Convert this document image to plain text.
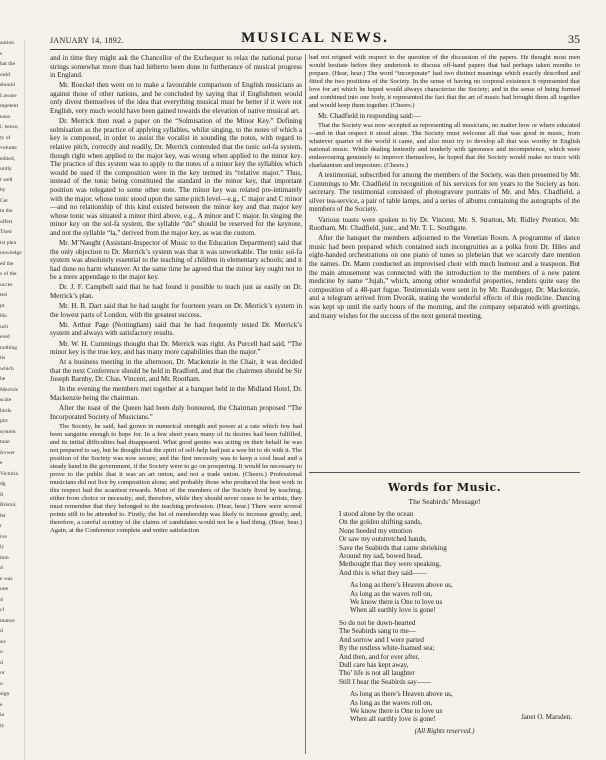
aution
s
hat the
ould
should
I aware
mpetent
eaux
i; hence,
ty of
volume
edited,
urdly
t well
by
Cer
to the
offert
Their
ist plea
nowledge
ed the
s of the
ucces
ted
pt
Ho
uch
ered
nothing
lis
which
be
Merrick
scale
hirds
pitc
system
tune
Irvwer
e
Victoria
dg
Ii
Bristol,
ler
r
ive
ly
tion
d
e was
one
d
cl
mance
d
sic
o
d
or
o
sign
e
in
ty
JANUARY 14, 1892.	MUSICAL NEWS.	35

and in time they might ask the Chancellor of the Exchequer to relax the national purse strings somewhat more than had hitherto been done in furtherance of musical progress in England.

Mr. Roeckel then went on to make a favourable comparison of English musicians as against those of other nations, and he concluded by saying that if Englishmen would only divest themselves of the idea that everything musical must be better if it were not English, very much would have been gained towards the elevation of native musical art.

Dr. Merrick then read a paper on the “Solmisation of the Minor Key.” Defining solmisation as the practice of applying syllables, whilst singing, to the notes of which a key is composed, in order to assist the vocalist in sounding the notes, with regard to relative pitch, correctly and readily, Dr. Merrick contended that the tonic sol-fa system, though right when applied to the major key, was wrong when applied to the minor key. The practice of this system was to apply to the notes of a minor key the syllables which would be used if the composition were in the key termed its “relative major.” Thus, instead of the tonic being constituted the standard in the minor key, that important position was relegated to some other note. The minor key was related pre-intimately with the major, whose tonic stood upon the same pitch level—e.g., C major and C minor—and no relationship of this kind existed between the minor key and that major key whose tonic was situated a minor third above, e.g., A minor and C major. In singing the minor key on the sol-fa system, the syllable “do” should be reserved for the keynote, and not the syllable “la,” derived from the major key, as was the custom.

Mr. M’Naught (Assistant-Inspector of Music to the Education Department) said that the only objection to Dr. Merrick’s system was that it was unworkable. The tonic sol-fa system was absolutely essential to the teaching of children in elementary schools; and it had done no harm whatever. At the same time he agreed that the minor key ought not to be a mere appendage to the major key.

Dr. J. F. Campbell said that he had found it possible to teach just as easily on Dr. Merrick’s plan.

Mr. H. B. Dart said that he had taught for fourteen years on Dr. Merrick’s system in the lowest parts of London, with the greatest success.

Mr. Arthur Page (Nottingham) said that he had frequently tested Dr. Merrick’s system and always with satisfactory results.

Mr. W. H. Cummings thought that Dr. Merrick was right. As Purcell had said, “The minor key is the true key, and has many more capabilities than the major.”

At a business meeting in the afternoon, Dr. Mackenzie in the Chair, it was decided that the next Conference should be held in Bradford, and that the chairmen should be Sir Joseph Barnby, Dr. Chas. Vincent, and Mr. Rootham.

In the evening the members met together at a banquet held in the Midland Hotel, Dr. Mackenzie being the chairman.

After the toast of the Queen had been duly honoured, the Chairman proposed “The Incorporated Society of Musicians.”

The Society, he said, had grown in numerical strength and power at a rate which few had been sanguine enough to hope for. In a few short years many of its desires had been fulfilled, and its initial difficulties had disappeared. What good genius was acting on their behalf he was not prepared to say, but he thought that the spirit of self-help had just a wee bit to do with it. The position of the Society was now secure; and the first necessity was to keep a cool head and a steady hand in the government, if the Society were to go on prospering. It would be necessary to prove to the public that it was an art union, and not a trade union. (Cheers.) Professional musicians did not live by composition alone; and probably those who produced the best work in this respect had the scantiest rewards. Most of the members of the Society lived by teaching, either from choice or necessity; and, therefore, while they should never cease to be artists, they must remember that they belonged to the teaching profession. (Hear, hear.) There were several points still to be attended to. Firstly, the list of membership was likely to increase greatly, and, therefore, a careful scrutiny of the claims of candidates would not be a bad thing. (Hear, hear.) Again, at the Conference complete and entire satisfaction

had not reigned with respect to the question of the discussion of the papers. He thought most men would hesitate before they undertook to discuss off-hand papers that had perhaps taken months to prepare. (Hear, hear.) The word “incorporate” had two distinct meanings which exactly described and fitted the two positions of the Society. In the sense of having no corporal existence it represented that love for art which he hoped would always characterize the Society; and in the sense of being formed and combined into one body, it represented the fact that the art of music had brought them all together and would keep them together. (Cheers.)

Mr. Chadfield in responding said:—

That the Society was now accepted as representing all musicians, no matter how or where educated—and in that respect it stood alone. The Society must welcome all that was good in music, from whatever quarter of the world it came, and also must try to develop all that was worthy in English national music. While dealing leniently and tenderly with ignorance and incompetence, which were endeavouring genuinely to improve themselves, he hoped that the Society would make no truce with charlatanism and imposture. (Cheers.)

A testimonial, subscribed for among the members of the Society, was then presented by Mr. Cummings to Mr. Chadfield in recognition of his services for ten years to the Society as hon. secretary. The testimonial consisted of photogravure portraits of Mr. and Mrs. Chadfield, a silver tea-service, a pair of table lamps, and a series of albums containing the autographs of the members of the Society.

Various toasts were spoken to by Dr. Vincent, Mr. S. Stratton, Mr. Ridley Prentice, Mr. Rootham, Mr. Chadfield, junr., and Mr. T. L. Southgate.

After the banquet the members adjourned to the Venetian Room. A programme of dance music had been prepared which contained such incongruities as a polka from Dr. Hiles and eight-handed orchestrations on one piano of tunes so plebeian that we scarcely dare mention the names. Dr. Mann conducted an improvised choir with much humour and a teaspoon. But the main amusement was connected with the introduction to the members of a new patent medicine by name “Jujah,” which, among other wonderful properties, renders quite easy the composition of a 48-part fugue. Testimonials were sent in by Mr. Randegger, Dr. Mackenzie, and a telegram arrived from Dvorák, stating the wonderful effects of this medicine. Dancing was kept up until the early hours of the morning, and the company separated with greetings, and many wishes for the success of the next general meeting.

Words for Music.
The Seabirds’ Message!
I stood alone by the ocean
On the golden shifting sands,
None heeded my emotion
Or saw my outstretched hands,
Save the Seabirds that came shrieking
Around my sad, bowed head,
Methought that they were speaking,
And this is what they said——
As long as there’s Heaven above us,
As long as the waves roll on,
We know there is One to love us
When all earthly love is gone!
So do not be down-hearted
The Seabirds sang to me—
And sorrow and I were parted
By the restless white-foamed sea;
And then, and for ever after,
Dull care has kept away,
Tho’ life is not all laughter
Still I hear the Seabirds say——
As long as there’s Heaven above us,
As long as the waves roll on,
We know there is One to love us
When all earthly love is gone!	Janet O. Marsden.
(All Rights reserved.)
